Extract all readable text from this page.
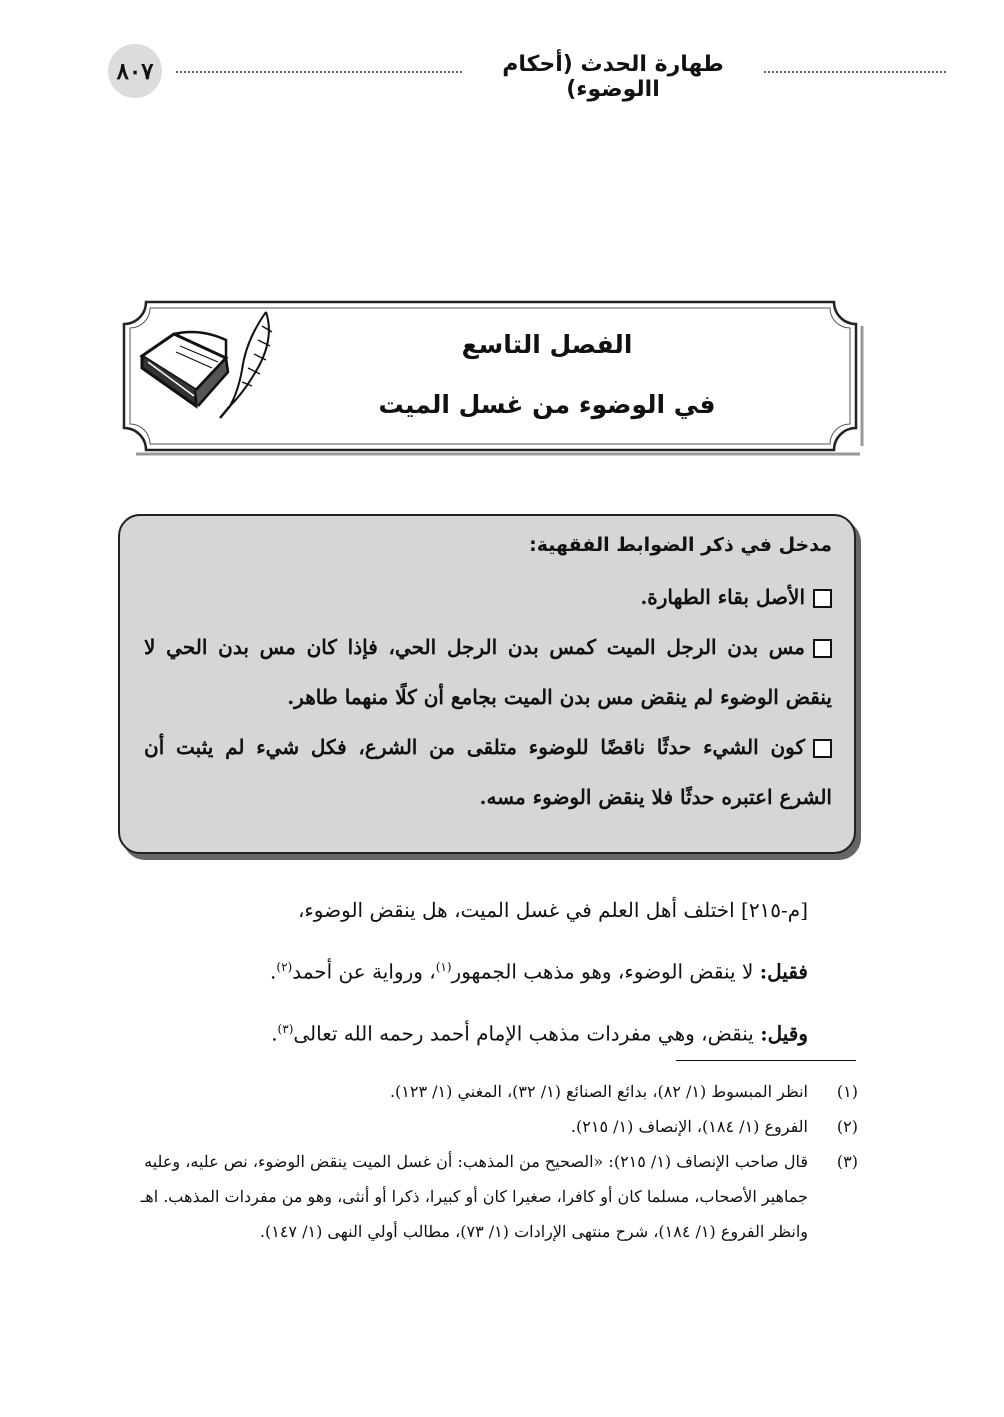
٨٠٧	طهارة الحدث (أحكام االوضوء)
الفصل التاسع
في الوضوء من غسل الميت

مدخل في ذكر الضوابط الفقهية:

الأصل بقاء الطهارة.

مس بدن الرجل الميت كمس بدن الرجل الحي، فإذا كان مس بدن الحي لا ينقض الوضوء لم ينقض مس بدن الميت بجامع أن كلًا منهما طاهر.

كون الشيء حدثًا ناقضًا للوضوء متلقى من الشرع، فكل شيء لم يثبت أن الشرع اعتبره حدثًا فلا ينقض الوضوء مسه.

[م-٢١٥] اختلف أهل العلم في غسل الميت، هل ينقض الوضوء،

فقيل: لا ينقض الوضوء، وهو مذهب الجمهور$^{(١)}$، ورواية عن أحمد$^{(٢)}$.

وقيل: ينقض، وهي مفردات مذهب الإمام أحمد رحمه الله تعالى$^{(٣)}$.

(١)
انظر المبسوط (١/ ٨٢)، بدائع الصنائع (١/ ٣٢)، المغني (١/ ١٢٣).

(٢)
الفروع (١/ ١٨٤)، الإنصاف (١/ ٢١٥).

(٣)
قال صاحب الإنصاف (١/ ٢١٥): «الصحيح من المذهب: أن غسل الميت ينقض الوضوء، نص عليه، وعليه جماهير الأصحاب، مسلما كان أو كافرا، صغيرا كان أو كبيرا، ذكرا أو أنثى، وهو من مفردات المذهب. اهـ وانظر الفروع (١/ ١٨٤)، شرح منتهى الإرادات (١/ ٧٣)، مطالب أولي النهى (١/ ١٤٧).
